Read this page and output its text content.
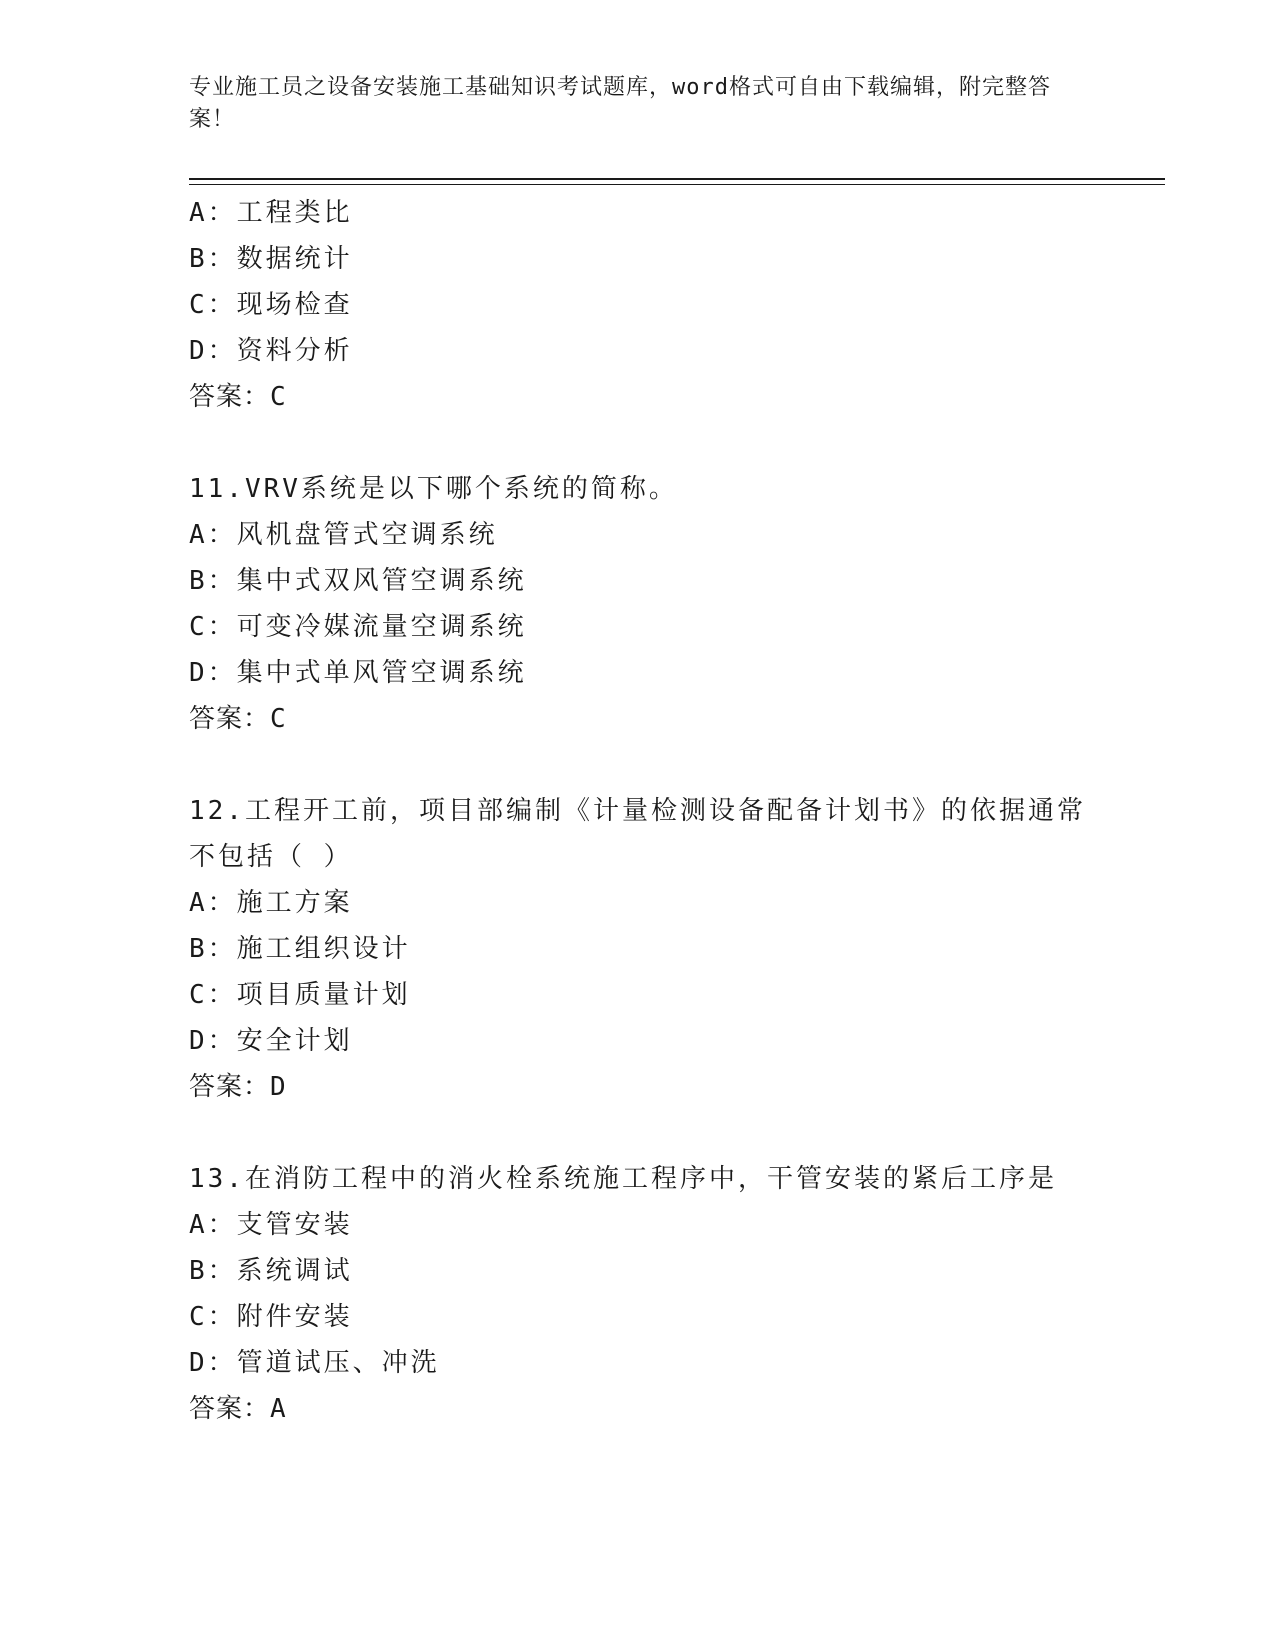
专业施工员之设备安装施工基础知识考试题库，word格式可自由下载编辑，附完整答案！
A：工程类比
B：数据统计
C：现场检查
D：资料分析
答案：C
11.VRV系统是以下哪个系统的简称。
A：风机盘管式空调系统
B：集中式双风管空调系统
C：可变冷媒流量空调系统
D：集中式单风管空调系统
答案：C
12.工程开工前，项目部编制《计量检测设备配备计划书》的依据通常不包括（ ）
A：施工方案
B：施工组织设计
C：项目质量计划
D：安全计划
答案：D
13.在消防工程中的消火栓系统施工程序中，干管安装的紧后工序是
A：支管安装
B：系统调试
C：附件安装
D：管道试压、冲洗
答案：A
